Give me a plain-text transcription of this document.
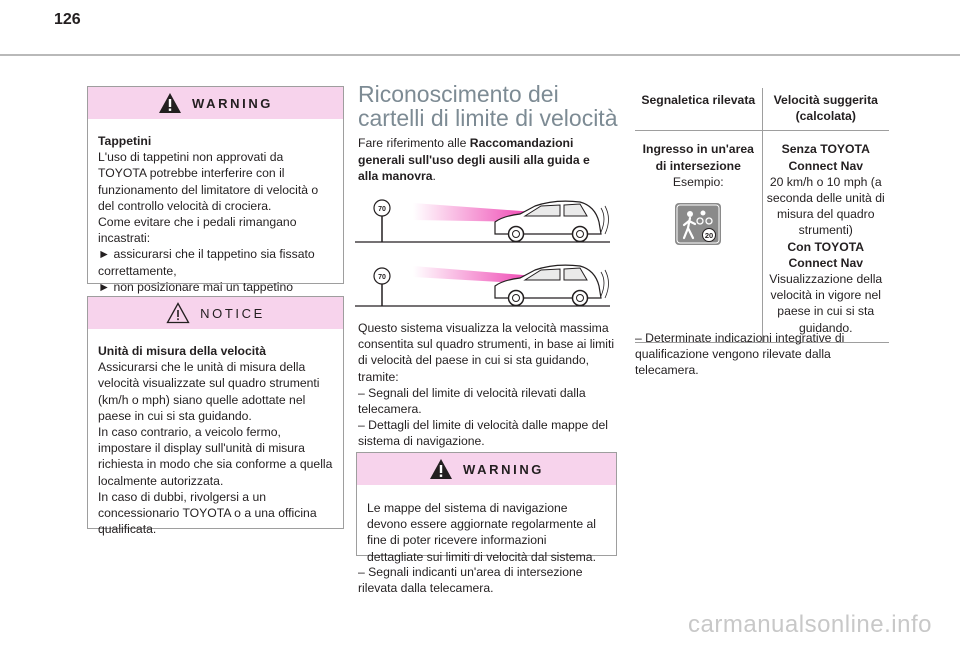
126
WARNING
Tappetini

L'uso di tappetini non approvati da TOYOTA potrebbe interferire con il funzionamento del limitatore di velocità o del controllo velocità di crociera.

Come evitare che i pedali rimangano incastrati:

► assicurarsi che il tappetino sia fissato correttamente,

► non posizionare mai un tappetino

NOTICE
Unità di misura della velocità

Assicurarsi che le unità di misura della velocità visualizzate sul quadro strumenti (km/h o mph) siano quelle adottate nel paese in cui si sta guidando.

In caso contrario, a veicolo fermo, impostare il display sull'unità di misura richiesta in modo che sia conforme a quella localmente autorizzata.

In caso di dubbi, rivolgersi a un concessionario TOYOTA o a una officina qualificata.

Riconoscimento dei cartelli di limite di velocità
Fare riferimento alle Raccomandazioni generali sull'uso degli ausili alla guida e alla manovra.
70
70

Questo sistema visualizza la velocità massima consentita sul quadro strumenti, in base ai limiti di velocità del paese in cui si sta guidando, tramite:

– Segnali del limite di velocità rilevati dalla telecamera.

– Dettagli del limite di velocità dalle mappe del sistema di navigazione.

WARNING

Le mappe del sistema di navigazione devono essere aggiornate regolarmente al fine di poter ricevere informazioni dettagliate sui limiti di velocità dal sistema.

– Segnali indicanti un'area di intersezione rilevata dalla telecamera.
Segnaletica rilevata	Velocità suggerita (calcolata)

Ingresso in un'area di intersezione
Esempio:
20	Senza TOYOTA Connect Nav
20 km/h o 10 mph (a seconda delle unità di misura del quadro strumenti)
Con TOYOTA Connect Nav
Visualizzazione della velocità in vigore nel paese in cui si sta guidando.
– Determinate indicazioni integrative di qualificazione vengono rilevate dalla telecamera.
carmanualsonline.info
